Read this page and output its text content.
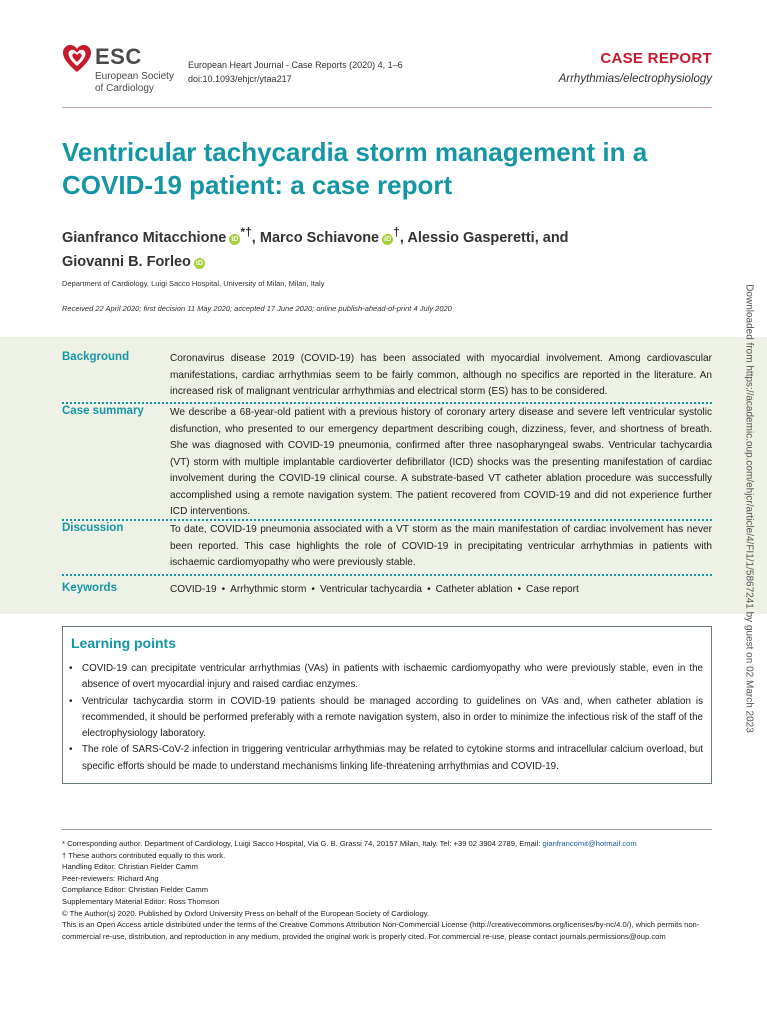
ESC
European Society
of Cardiology
European Heart Journal - Case Reports (2020) 4, 1–6
doi:10.1093/ehjcr/ytaa217
CASE REPORT
Arrhythmias/electrophysiology
Ventricular tachycardia storm management in a COVID-19 patient: a case report
Gianfranco Mitacchione iD*†, Marco Schiavone iD†, Alessio Gasperetti, and
Giovanni B. Forleo iD
Department of Cardiology, Luigi Sacco Hospital, University of Milan, Milan, Italy
Received 22 April 2020; first decision 11 May 2020; accepted 17 June 2020; online publish-ahead-of-print 4 July 2020
Background	Coronavirus disease 2019 (COVID-19) has been associated with myocardial involvement. Among cardiovascular manifestations, cardiac arrhythmias seem to be fairly common, although no specifics are reported in the literature. An increased risk of malignant ventricular arrhythmias and electrical storm (ES) has to be considered.
Case summary	We describe a 68-year-old patient with a previous history of coronary artery disease and severe left ventricular systolic disfunction, who presented to our emergency department describing cough, dizziness, fever, and shortness of breath. She was diagnosed with COVID-19 pneumonia, confirmed after three nasopharyngeal swabs. Ventricular tachycardia (VT) storm with multiple implantable cardioverter defibrillator (ICD) shocks was the presenting manifestation of cardiac involvement during the COVID-19 clinical course. A substrate-based VT catheter ablation procedure was successfully accomplished using a remote navigation system. The patient recovered from COVID-19 and did not experience further ICD interventions.
Discussion	To date, COVID-19 pneumonia associated with a VT storm as the main manifestation of cardiac involvement has never been reported. This case highlights the role of COVID-19 in precipitating ventricular arrhythmias in patients with ischaemic cardiomyopathy who were previously stable.
Keywords	COVID-19 • Arrhythmic storm • Ventricular tachycardia • Catheter ablation • Case report
Learning points
• COVID-19 can precipitate ventricular arrhythmias (VAs) in patients with ischaemic cardiomyopathy who were previously stable, even in the absence of overt myocardial injury and raised cardiac enzymes.
• Ventricular tachycardia storm in COVID-19 patients should be managed according to guidelines on VAs and, when catheter ablation is recommended, it should be performed preferably with a remote navigation system, also in order to minimize the infectious risk of the staff of the electrophysiology laboratory.
• The role of SARS-CoV-2 infection in triggering ventricular arrhythmias may be related to cytokine storms and intracellular calcium overload, but specific efforts should be made to understand mechanisms linking life-threatening arrhythmias and COVID-19.
Downloaded from https://academic.oup.com/ehjcr/article/4/FI1/1/5867241 by guest on 02 March 2023
* Corresponding author. Department of Cardiology, Luigi Sacco Hospital, Via G. B. Grassi 74, 20157 Milan, Italy. Tel: +39 02 3904 2789, Email: gianfrancomit@hotmail.com
† These authors contributed equally to this work.
Handling Editor: Christian Fielder Camm
Peer-reviewers: Richard Ang
Compliance Editor: Christian Fielder Camm
Supplementary Material Editor: Ross Thomson
© The Author(s) 2020. Published by Oxford University Press on behalf of the European Society of Cardiology.
This is an Open Access article distributed under the terms of the Creative Commons Attribution Non-Commercial License (http://creativecommons.org/licenses/by-nc/4.0/), which permits non-commercial re-use, distribution, and reproduction in any medium, provided the original work is properly cited. For commercial re-use, please contact journals.permissions@oup.com
